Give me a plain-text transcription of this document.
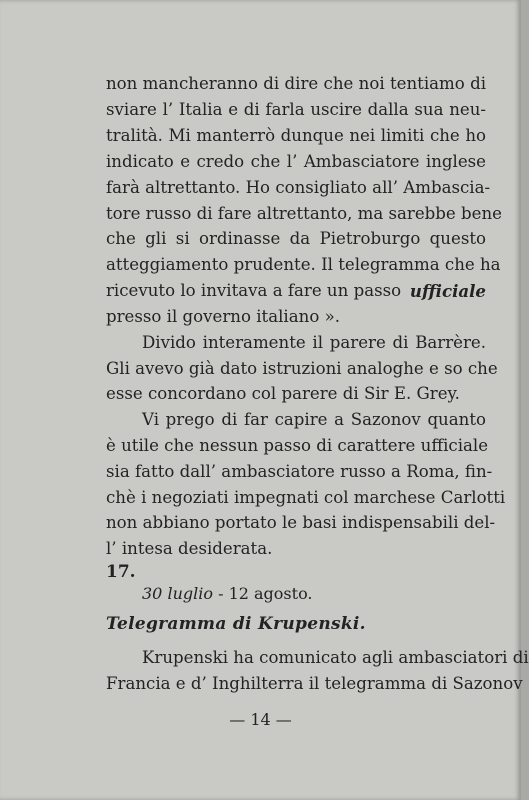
non mancheranno di dire che noi tentiamo di
sviare l’ Italia e di farla uscire dalla sua neu-
tralità. Mi manterrò dunque nei limiti che ho
indicato e credo che l’ Ambasciatore inglese
farà altrettanto. Ho consigliato all’ Ambascia-
tore russo di fare altrettanto, ma sarebbe bene
che gli si ordinasse da Pietroburgo questo
atteggiamento prudente. Il telegramma che ha
ricevuto lo invitava a fare un passo ufficiale
presso il governo italiano ».
Divido interamente il parere di Barrère.
Gli avevo già dato istruzioni analoghe e so che
esse concordano col parere di Sir E. Grey.
Vi prego di far capire a Sazonov quanto
è utile che nessun passo di carattere ufficiale
sia fatto dall’ ambasciatore russo a Roma, fin-
chè i negoziati impegnati col marchese Carlotti
non abbiano portato le basi indispensabili del-
l’ intesa desiderata.
17.
30 luglio - 12 agosto.
Telegramma di Krupenski.
Krupenski ha comunicato agli ambasciatori di
Francia e d’ Inghilterra il telegramma di Sazonov
— 14 —
